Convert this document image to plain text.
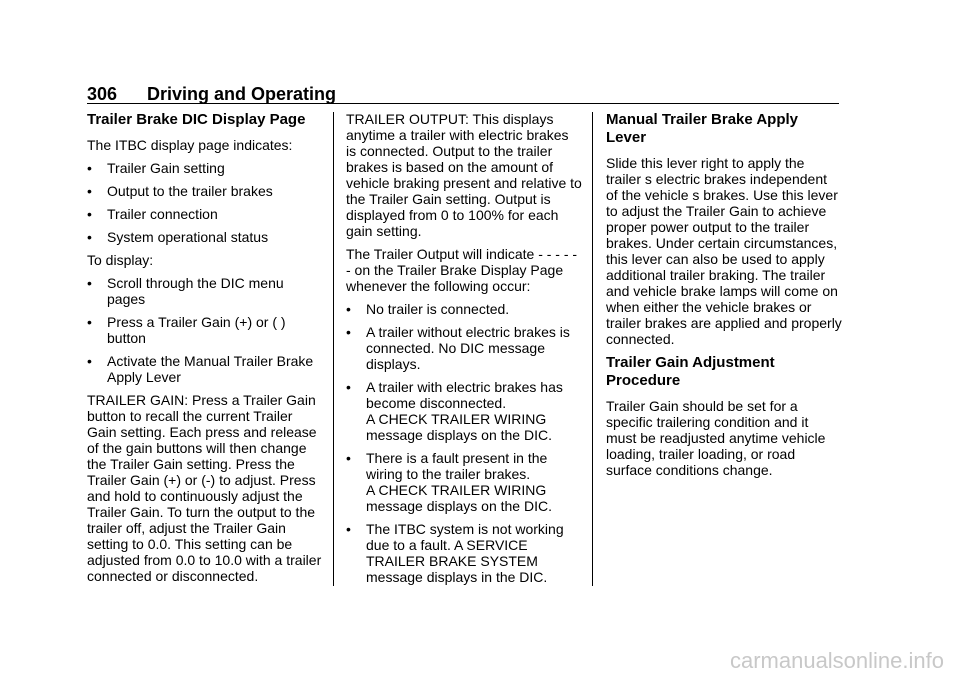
306 Driving and Operating
Trailer Brake DIC Display Page

The ITBC display page indicates:

•	Trailer Gain setting
•	Output to the trailer brakes
•	Trailer connection
•	System operational status

To display:

•	Scroll through the DIC menu pages
•	Press a Trailer Gain (+) or ( ) button
•	Activate the Manual Trailer Brake Apply Lever

TRAILER GAIN: Press a Trailer Gain button to recall the current Trailer Gain setting. Each press and release of the gain buttons will then change the Trailer Gain setting. Press the Trailer Gain (+) or (-) to adjust. Press and hold to continuously adjust the Trailer Gain. To turn the output to the trailer off, adjust the Trailer Gain setting to 0.0. This setting can be adjusted from 0.0 to 10.0 with a trailer connected or disconnected.

TRAILER OUTPUT: This displays anytime a trailer with electric brakes is connected. Output to the trailer brakes is based on the amount of vehicle braking present and relative to the Trailer Gain setting. Output is displayed from 0 to 100% for each gain setting.

The Trailer Output will indicate - - - - - - on the Trailer Brake Display Page whenever the following occur:

•	No trailer is connected.
•	A trailer without electric brakes is connected. No DIC message displays.
•	A trailer with electric brakes has become disconnected.
A CHECK TRAILER WIRING message displays on the DIC.
•	There is a fault present in the wiring to the trailer brakes.
A CHECK TRAILER WIRING message displays on the DIC.
•	The ITBC system is not working due to a fault. A SERVICE TRAILER BRAKE SYSTEM message displays in the DIC.
Manual Trailer Brake Apply Lever

Slide this lever right to apply the trailer s electric brakes independent of the vehicle s brakes. Use this lever to adjust the Trailer Gain to achieve proper power output to the trailer brakes. Under certain circumstances, this lever can also be used to apply additional trailer braking. The trailer and vehicle brake lamps will come on when either the vehicle brakes or trailer brakes are applied and properly connected.

Trailer Gain Adjustment Procedure

Trailer Gain should be set for a specific trailering condition and it must be readjusted anytime vehicle loading, trailer loading, or road surface conditions change.

carmanualsonline.info
